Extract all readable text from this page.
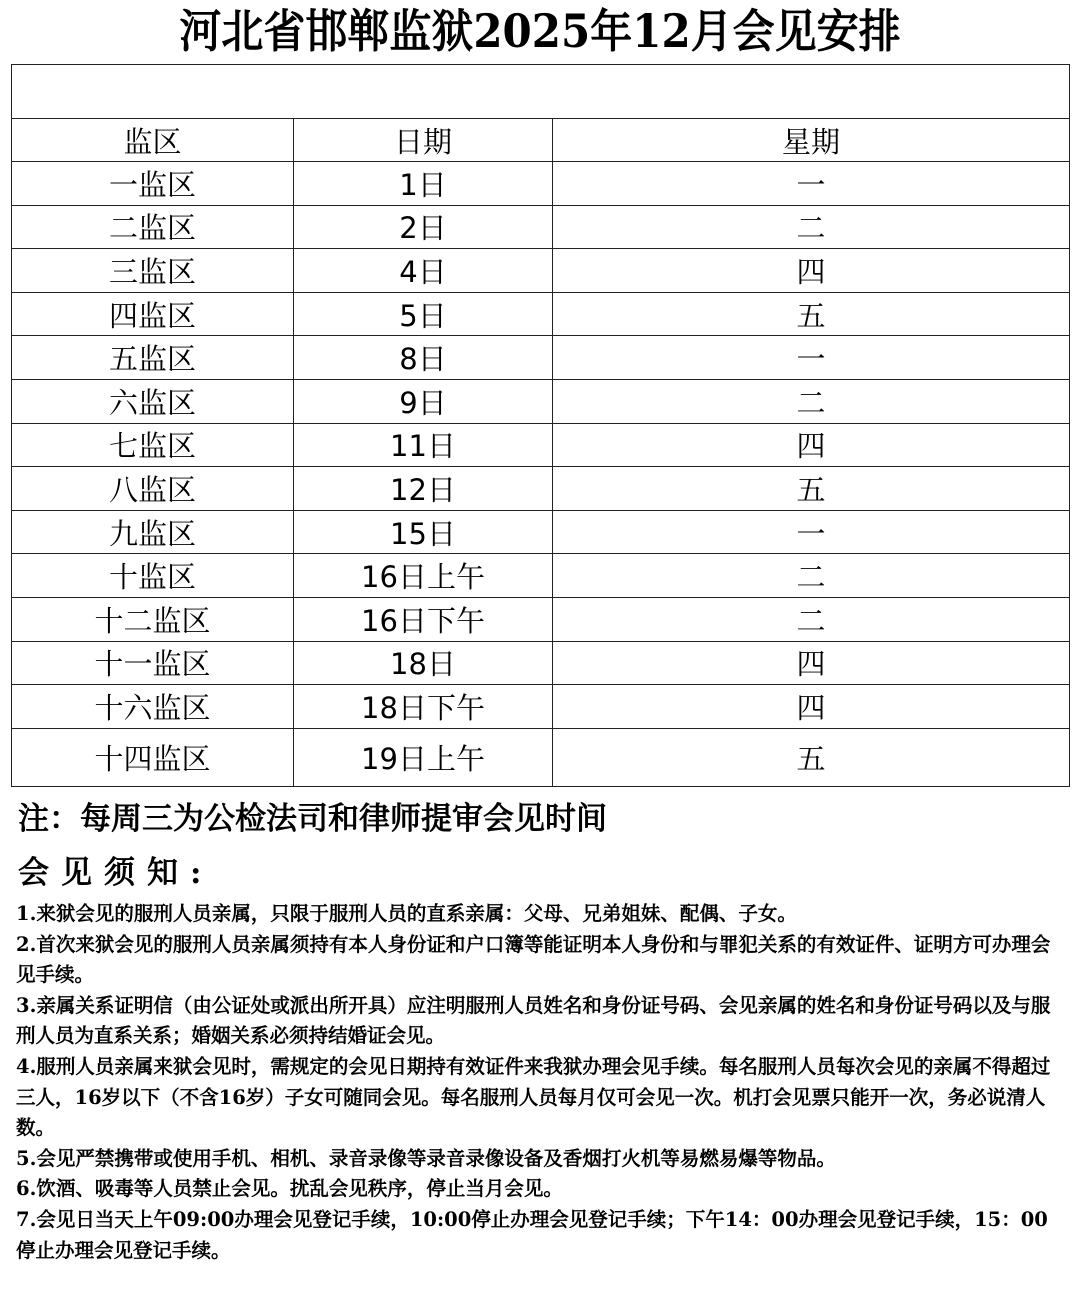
河北省邯郸监狱2025年12月会见安排

监区	日期	星期
一监区	1日	一
二监区	2日	二
三监区	4日	四
四监区	5日	五
五监区	8日	一
六监区	9日	二
七监区	11日	四
八监区	12日	五
九监区	15日	一
十监区	16日上午	二
十二监区	16日下午	二
十一监区	18日	四
十六监区	18日下午	四
十四监区	19日上午	五
注：每周三为公检法司和律师提审会见时间
会见须知:

1.来狱会见的服刑人员亲属，只限于服刑人员的直系亲属：父母、兄弟姐妹、配偶、子女。

2.首次来狱会见的服刑人员亲属须持有本人身份证和户口簿等能证明本人身份和与罪犯关系的有效证件、证明方可办理会见手续。

3.亲属关系证明信（由公证处或派出所开具）应注明服刑人员姓名和身份证号码、会见亲属的姓名和身份证号码以及与服刑人员为直系关系；婚姻关系必须持结婚证会见。

4.服刑人员亲属来狱会见时，需规定的会见日期持有效证件来我狱办理会见手续。每名服刑人员每次会见的亲属不得超过三人，16岁以下（不含16岁）子女可随同会见。每名服刑人员每月仅可会见一次。机打会见票只能开一次，务必说清人数。

5.会见严禁携带或使用手机、相机、录音录像等录音录像设备及香烟打火机等易燃易爆等物品。

6.饮酒、吸毒等人员禁止会见。扰乱会见秩序，停止当月会见。

7.会见日当天上午09:00办理会见登记手续，10:00停止办理会见登记手续；下午14：00办理会见登记手续，15：00停止办理会见登记手续。
